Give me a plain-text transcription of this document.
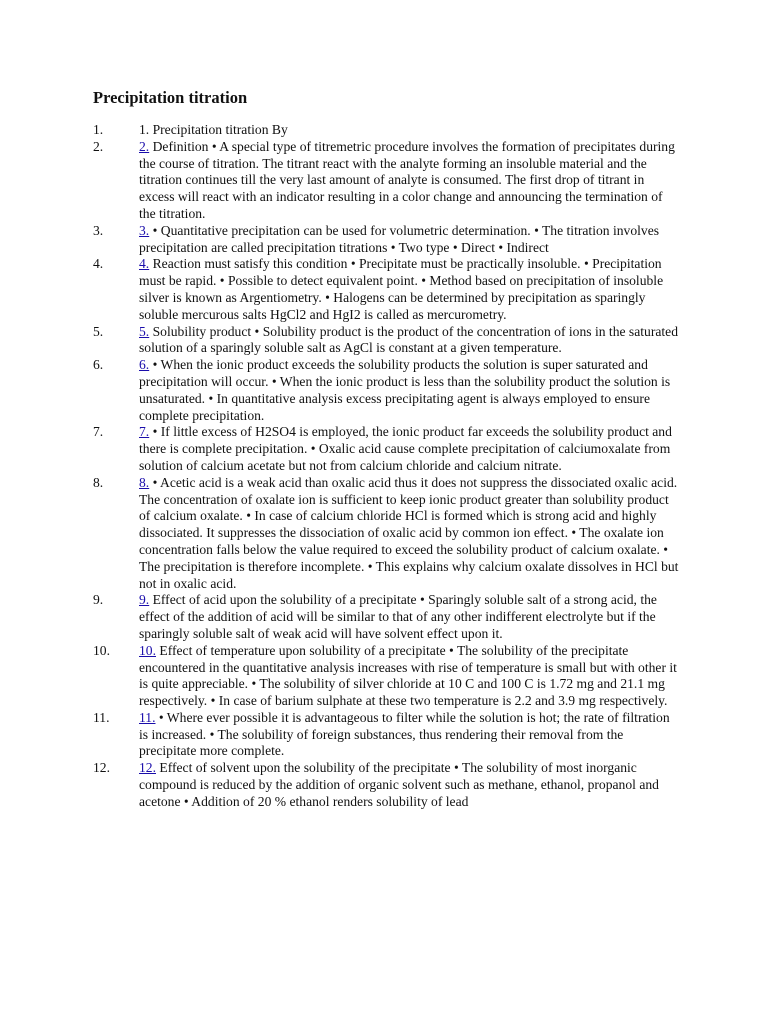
Precipitation titration
1.	1. Precipitation titration By
2.	2. Definition • A special type of titremetric procedure involves the formation of precipitates during the course of titration. The titrant react with the analyte forming an insoluble material and the titration continues till the very last amount of analyte is consumed. The first drop of titrant in excess will react with an indicator resulting in a color change and announcing the termination of the titration.
3.	3. • Quantitative precipitation can be used for volumetric determination. • The titration involves precipitation are called precipitation titrations • Two type • Direct • Indirect
4.	4. Reaction must satisfy this condition • Precipitate must be practically insoluble. • Precipitation must be rapid. • Possible to detect equivalent point. • Method based on precipitation of insoluble silver is known as Argentiometry. • Halogens can be determined by precipitation as sparingly soluble mercurous salts HgCl2 and HgI2 is called as mercurometry.
5.	5. Solubility product • Solubility product is the product of the concentration of ions in the saturated solution of a sparingly soluble salt as AgCl is constant at a given temperature.
6.	6. • When the ionic product exceeds the solubility products the solution is super saturated and precipitation will occur. • When the ionic product is less than the solubility product the solution is unsaturated. • In quantitative analysis excess precipitating agent is always employed to ensure complete precipitation.
7.	7. • If little excess of H2SO4 is employed, the ionic product far exceeds the solubility product and there is complete precipitation. • Oxalic acid cause complete precipitation of calciumoxalate from solution of calcium acetate but not from calcium chloride and calcium nitrate.
8.	8. • Acetic acid is a weak acid than oxalic acid thus it does not suppress the dissociated oxalic acid. The concentration of oxalate ion is sufficient to keep ionic product greater than solubility product of calcium oxalate. • In case of calcium chloride HCl is formed which is strong acid and highly dissociated. It suppresses the dissociation of oxalic acid by common ion effect. • The oxalate ion concentration falls below the value required to exceed the solubility product of calcium oxalate. • The precipitation is therefore incomplete. • This explains why calcium oxalate dissolves in HCl but not in oxalic acid.
9.	9. Effect of acid upon the solubility of a precipitate • Sparingly soluble salt of a strong acid, the effect of the addition of acid will be similar to that of any other indifferent electrolyte but if the sparingly soluble salt of weak acid will have solvent effect upon it.
10.	10. Effect of temperature upon solubility of a precipitate • The solubility of the precipitate encountered in the quantitative analysis increases with rise of temperature is small but with other it is quite appreciable. • The solubility of silver chloride at 10 C and 100 C is 1.72 mg and 21.1 mg respectively. • In case of barium sulphate at these two temperature is 2.2 and 3.9 mg respectively.
11.	11. • Where ever possible it is advantageous to filter while the solution is hot; the rate of filtration is increased. • The solubility of foreign substances, thus rendering their removal from the precipitate more complete.
12.	12. Effect of solvent upon the solubility of the precipitate • The solubility of most inorganic compound is reduced by the addition of organic solvent such as methane, ethanol, propanol and acetone • Addition of 20 % ethanol renders solubility of lead
